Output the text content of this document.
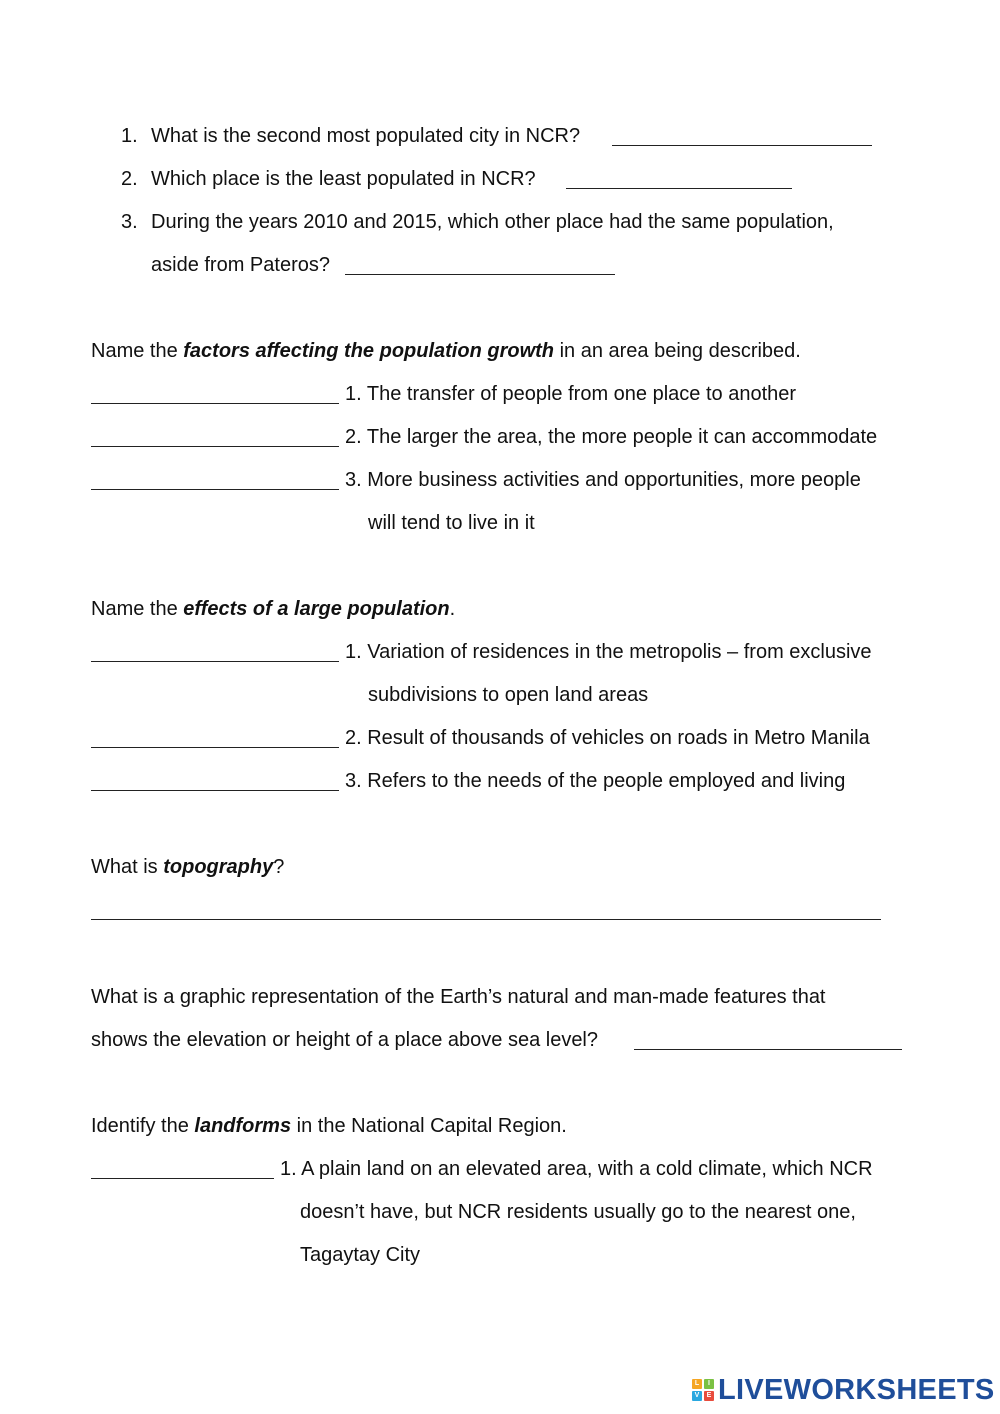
1. What is the second most populated city in NCR?
2. Which place is the least populated in NCR?
3. During the years 2010 and 2015, which other place had the same population,
aside from Pateros?
Name the factors affecting the population growth in an area being described.
1. The transfer of people from one place to another
2. The larger the area, the more people it can accommodate
3. More business activities and opportunities, more people
will tend to live in it
Name the effects of a large population.
1. Variation of residences in the metropolis – from exclusive
subdivisions to open land areas
2. Result of thousands of vehicles on roads in Metro Manila
3. Refers to the needs of the people employed and living
What is topography?
What is a graphic representation of the Earth’s natural and man-made features that
shows the elevation or height of a place above sea level?
Identify the landforms in the National Capital Region.
1. A plain land on an elevated area, with a cold climate, which NCR
doesn’t have, but NCR residents usually go to the nearest one,
Tagaytay City
L	I
V	E LIVEWORKSHEETS
